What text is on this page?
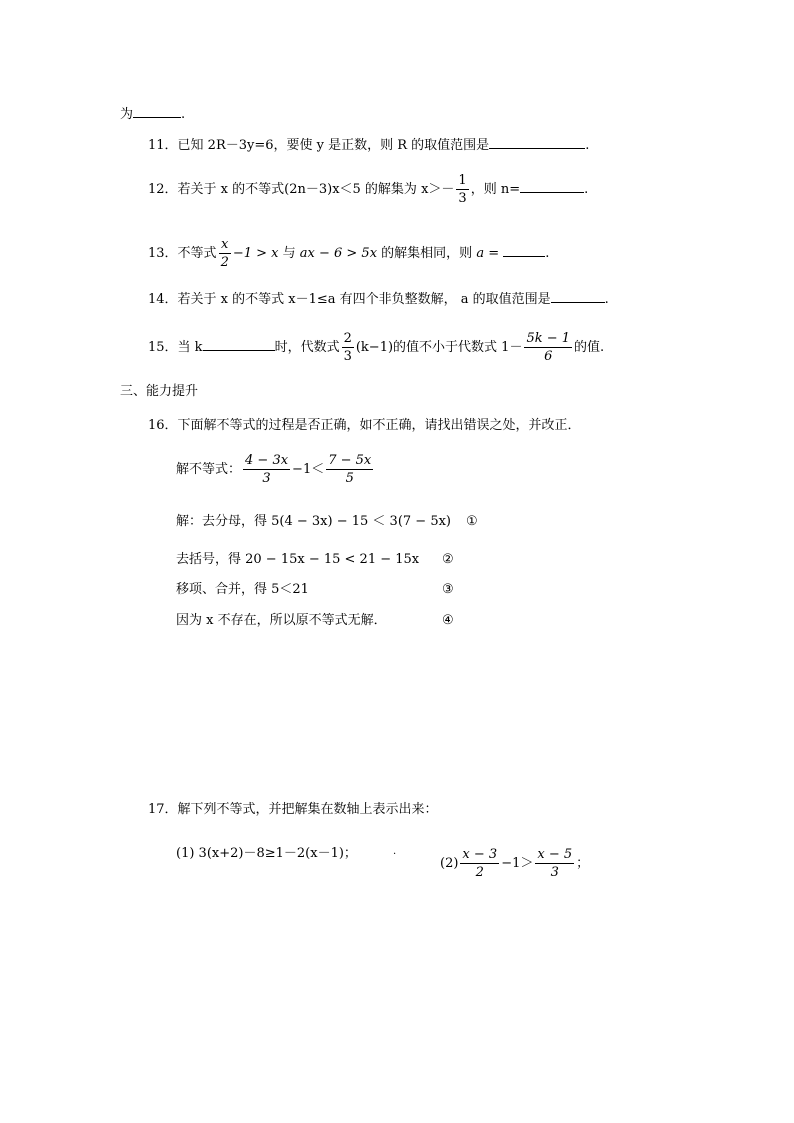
为	.
11．已知 2R－3y=6，要使 y 是正数，则 R 的取值范围是	.
12．若关于 x 的不等式(2n－3)x＜5 的解集为 $x>- \frac{1}{3}$ ，则 n=	.
13．不等式 $\frac{x}{2} -1 > x$ 与 ax − 6 > 5x 的解集相同，则 a =	.
14．若关于 x 的不等式 x－1≤a 有四个非负整数解， a 的取值范围是	.
15．当 k	时，代数式 $\frac{2}{3} (k-1)$的值不小于代数式 $1- \frac{5k - 1}{6}$ 的值.
三、能力提升
16．下面解不等式的过程是否正确，如不正确，请找出错误之处，并改正．
解不等式： $\frac{4 - 3x}{3} -1< \frac{7 - 5x}{5}$
解：去分母，得 5(4 − 3x) − 15 ＜ 3(7 − 5x) ①
去括号，得 20 − 15x − 15 < 21 − 15x ②
移项、合并，得 5＜21	③
因为 x 不存在，所以原不等式无解．	④
17．解下列不等式，并把解集在数轴上表示出来：
(1) 3(x+2)－8≥1－2(x－1)；	.
$(2) \frac{x - 3}{2} -1> \frac{x - 5}{3}$ ；
